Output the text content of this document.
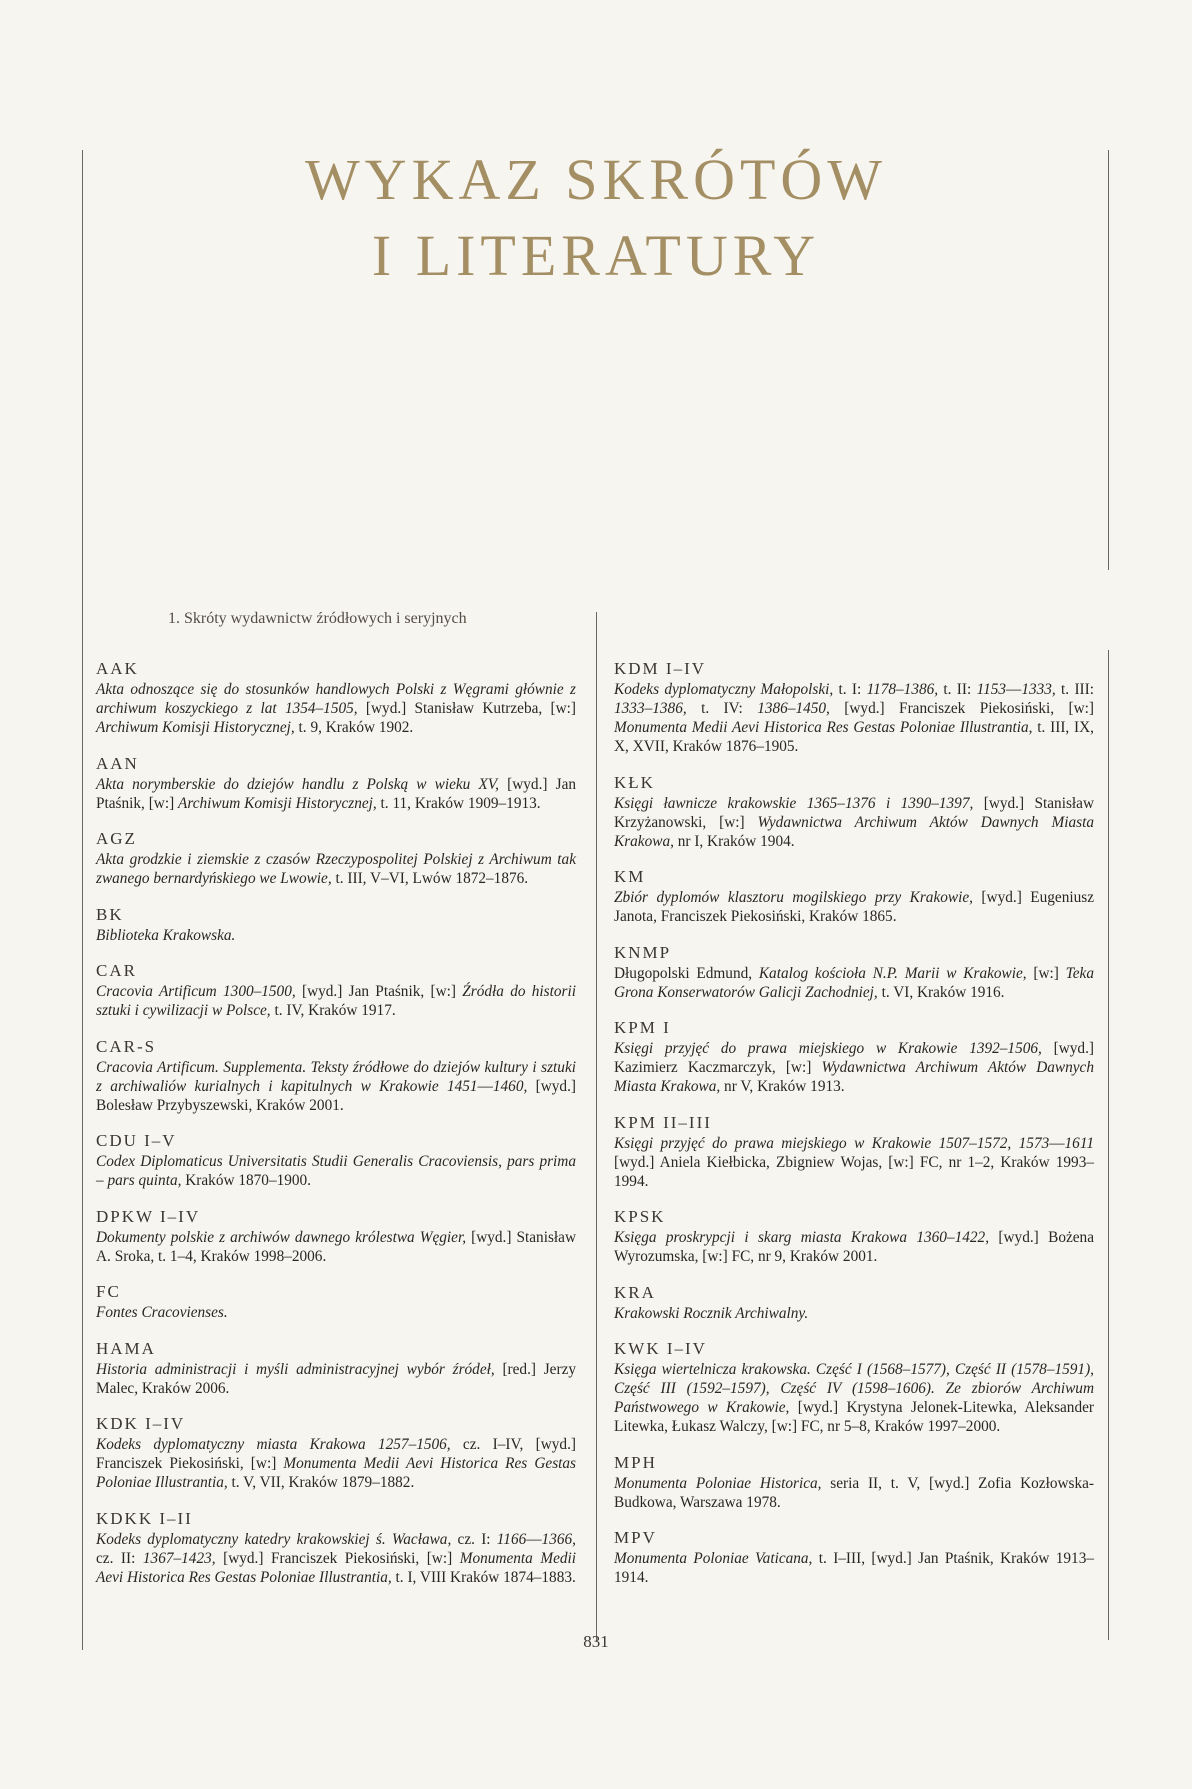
WYKAZ SKRÓTÓW
I LITERATURY
1. Skróty wydawnictw źródłowych i seryjnych
AAK
Akta odnoszące się do stosunków handlowych Polski z Węgrami głównie z archiwum koszyckiego z lat 1354–1505, [wyd.] Stanisław Kutrzeba, [w:] Archiwum Komisji Historycznej, t. 9, Kraków 1902.
AAN
Akta norymberskie do dziejów handlu z Polską w wieku XV, [wyd.] Jan Ptaśnik, [w:] Archiwum Komisji Historycznej, t. 11, Kraków 1909–1913.
AGZ
Akta grodzkie i ziemskie z czasów Rzeczypospolitej Polskiej z Archiwum tak zwanego bernardyńskiego we Lwowie, t. III, V–VI, Lwów 1872–1876.
BK
Biblioteka Krakowska.
CAR
Cracovia Artificum 1300–1500, [wyd.] Jan Ptaśnik, [w:] Źródła do historii sztuki i cywilizacji w Polsce, t. IV, Kraków 1917.
CAR-S
Cracovia Artificum. Supplementa. Teksty źródłowe do dziejów kultury i sztuki z archiwaliów kurialnych i kapitulnych w Krakowie 1451––1460, [wyd.] Bolesław Przybyszewski, Kraków 2001.
CDU I–V
Codex Diplomaticus Universitatis Studii Generalis Cracoviensis, pars prima – pars quinta, Kraków 1870–1900.
DPKW I–IV
Dokumenty polskie z archiwów dawnego królestwa Węgier, [wyd.] Stanisław A. Sroka, t. 1–4, Kraków 1998–2006.
FC
Fontes Cracovienses.
HAMA
Historia administracji i myśli administracyjnej wybór źródeł, [red.] Jerzy Malec, Kraków 2006.
KDK I–IV
Kodeks dyplomatyczny miasta Krakowa 1257–1506, cz. I–IV, [wyd.] Franciszek Piekosiński, [w:] Monumenta Medii Aevi Historica Res Gestas Poloniae Illustrantia, t. V, VII, Kraków 1879–1882.
KDKK I–II
Kodeks dyplomatyczny katedry krakowskiej ś. Wacława, cz. I: 1166––1366, cz. II: 1367–1423, [wyd.] Franciszek Piekosiński, [w:] Monumenta Medii Aevi Historica Res Gestas Poloniae Illustrantia, t. I, VIII Kraków 1874–1883.
KDM I–IV
Kodeks dyplomatyczny Małopolski, t. I: 1178–1386, t. II: 1153––1333, t. III: 1333–1386, t. IV: 1386–1450, [wyd.] Franciszek Piekosiński, [w:] Monumenta Medii Aevi Historica Res Gestas Poloniae Illustrantia, t. III, IX, X, XVII, Kraków 1876–1905.
KŁK
Księgi ławnicze krakowskie 1365–1376 i 1390–1397, [wyd.] Stanisław Krzyżanowski, [w:] Wydawnictwa Archiwum Aktów Dawnych Miasta Krakowa, nr I, Kraków 1904.
KM
Zbiór dyplomów klasztoru mogilskiego przy Krakowie, [wyd.] Eugeniusz Janota, Franciszek Piekosiński, Kraków 1865.
KNMP
Długopolski Edmund, Katalog kościoła N.P. Marii w Krakowie, [w:] Teka Grona Konserwatorów Galicji Zachodniej, t. VI, Kraków 1916.
KPM I
Księgi przyjęć do prawa miejskiego w Krakowie 1392–1506, [wyd.] Kazimierz Kaczmarczyk, [w:] Wydawnictwa Archiwum Aktów Dawnych Miasta Krakowa, nr V, Kraków 1913.
KPM II–III
Księgi przyjęć do prawa miejskiego w Krakowie 1507–1572, 1573––1611 [wyd.] Aniela Kiełbicka, Zbigniew Wojas, [w:] FC, nr 1–2, Kraków 1993–1994.
KPSK
Księga proskrypcji i skarg miasta Krakowa 1360–1422, [wyd.] Bożena Wyrozumska, [w:] FC, nr 9, Kraków 2001.
KRA
Krakowski Rocznik Archiwalny.
KWK I–IV
Księga wiertelnicza krakowska. Część I (1568–1577), Część II (1578–1591), Część III (1592–1597), Część IV (1598–1606). Ze zbiorów Archiwum Państwowego w Krakowie, [wyd.] Krystyna Jelonek-Litewka, Aleksander Litewka, Łukasz Walczy, [w:] FC, nr 5–8, Kraków 1997–2000.
MPH
Monumenta Poloniae Historica, seria II, t. V, [wyd.] Zofia Kozłowska-Budkowa, Warszawa 1978.
MPV
Monumenta Poloniae Vaticana, t. I–III, [wyd.] Jan Ptaśnik, Kraków 1913–1914.
831
